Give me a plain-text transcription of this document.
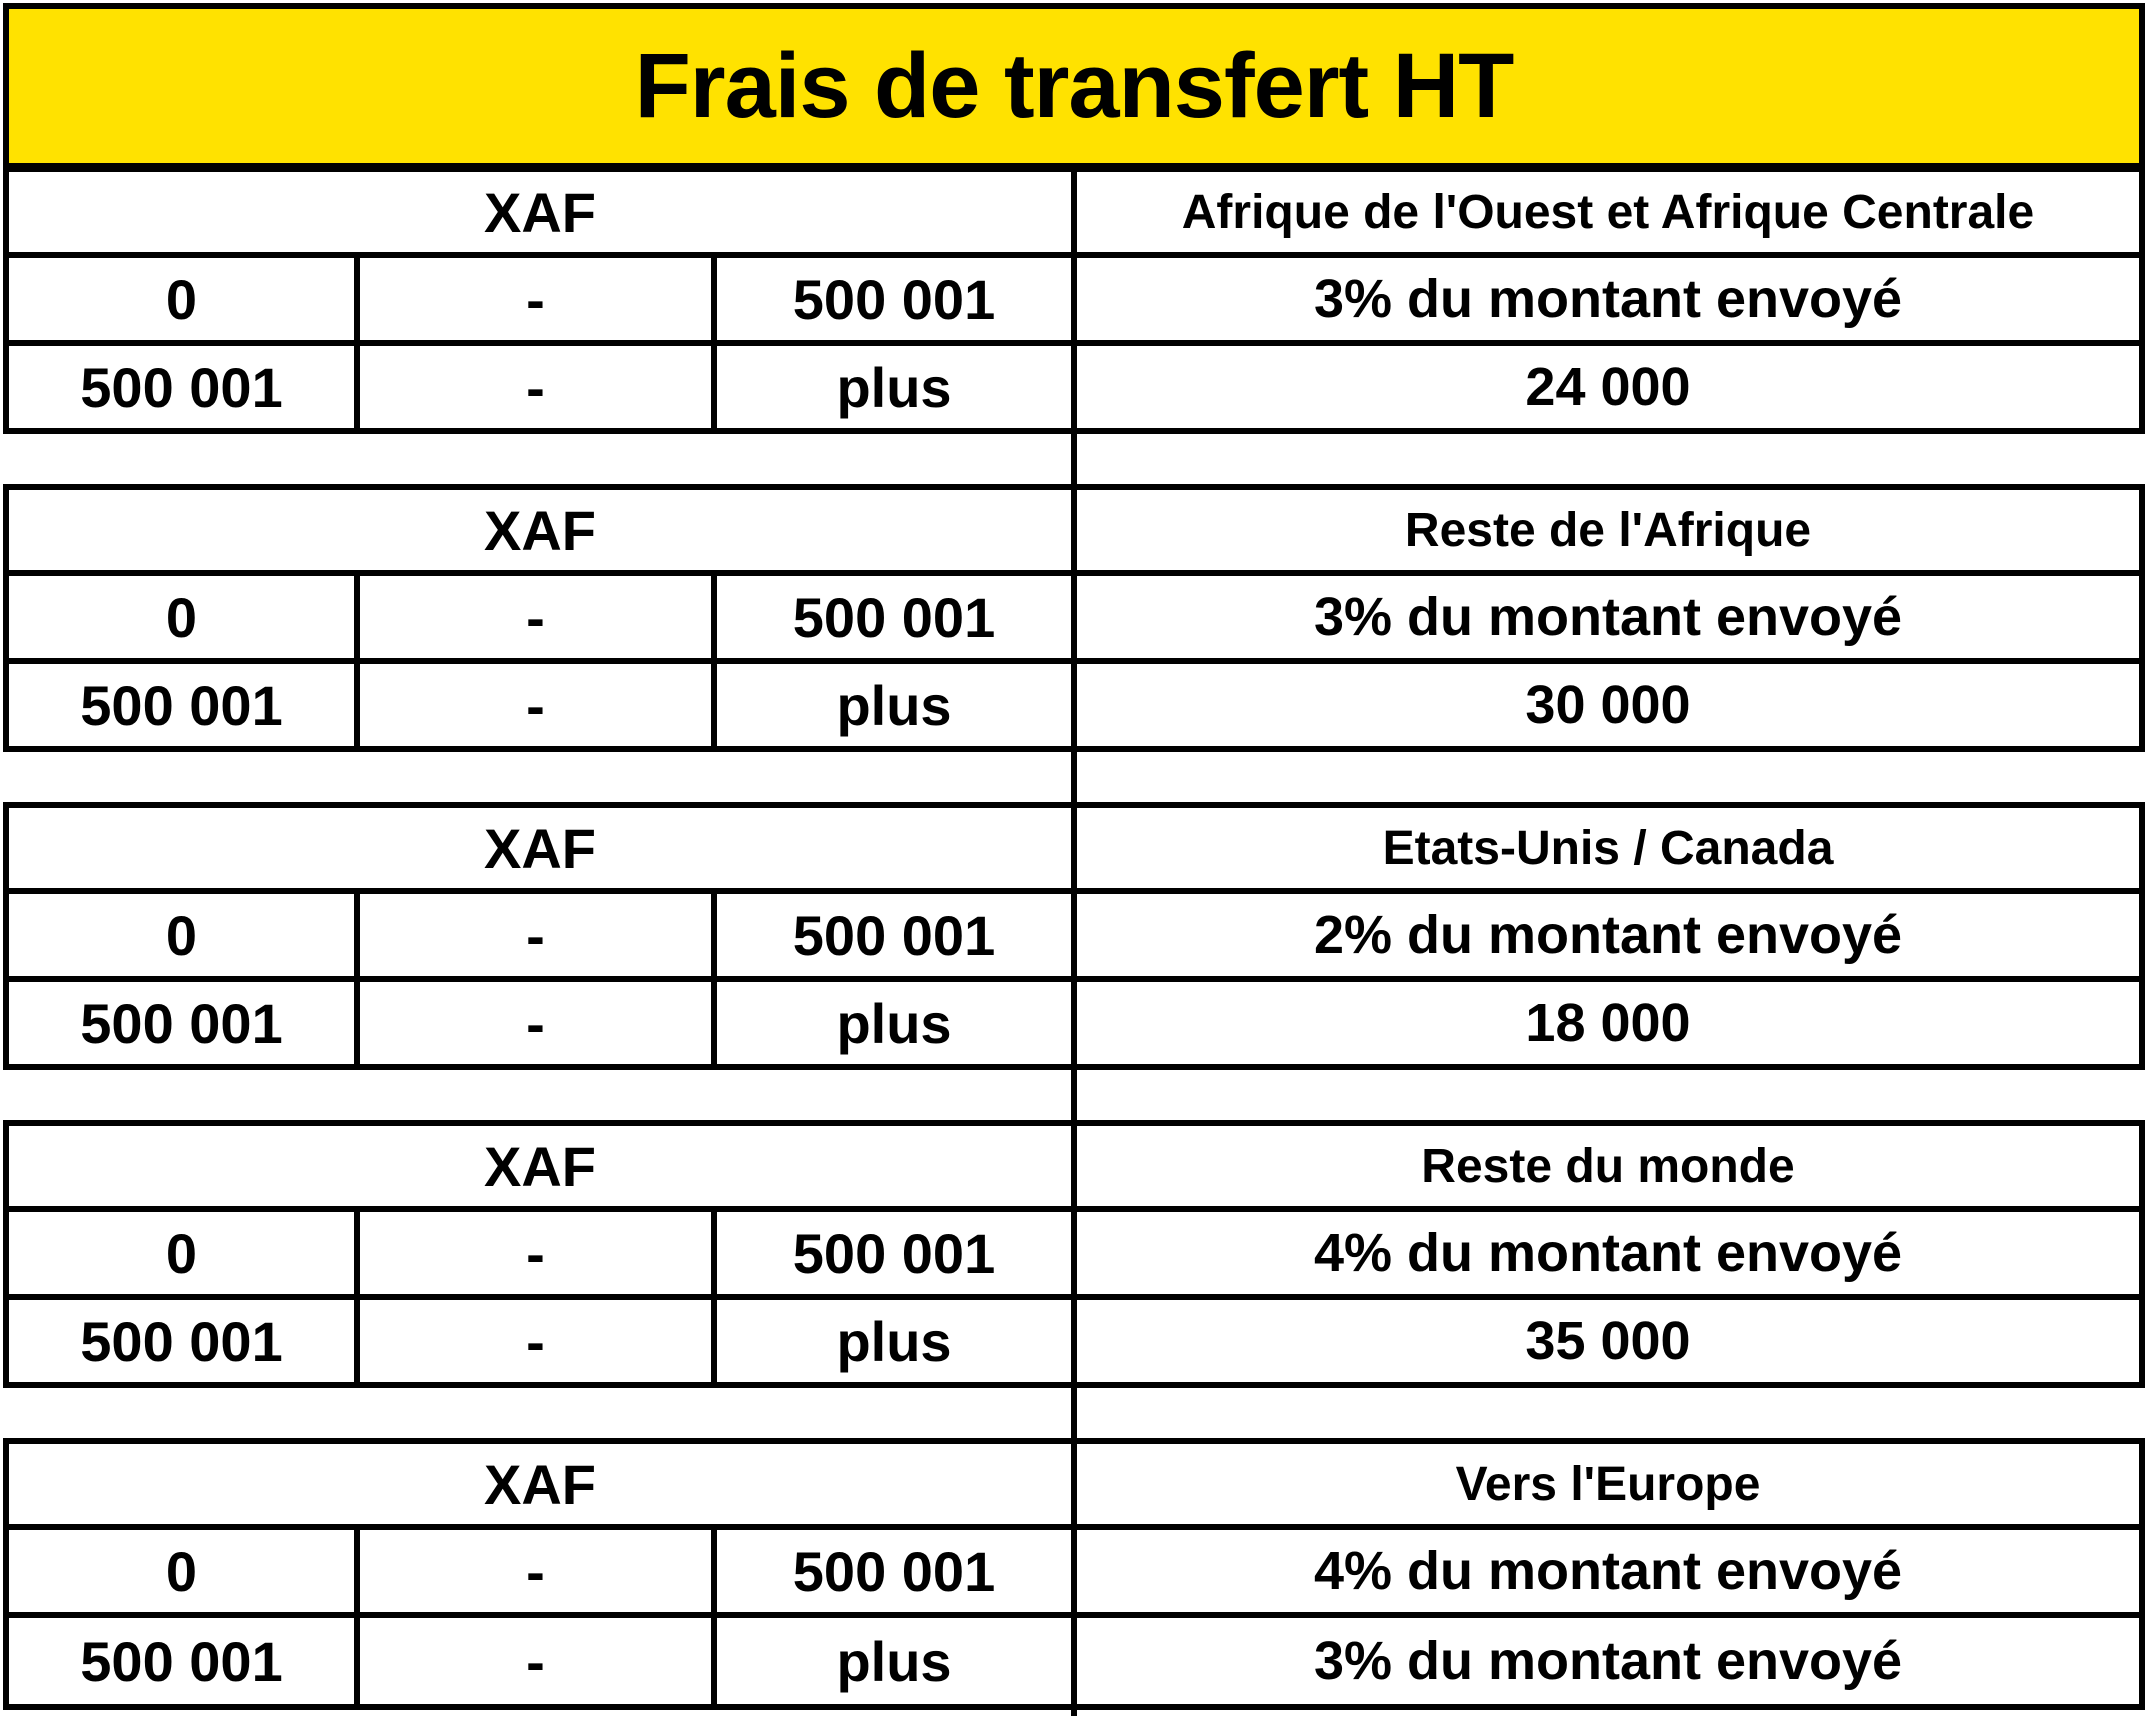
Frais de transfert HT
XAF	Afrique de l'Ouest et Afrique Centrale
0	-	500 001	3% du montant envoyé
500 001	-	plus	24 000
XAF	Reste de l'Afrique
0	-	500 001	3% du montant envoyé
500 001	-	plus	30 000
XAF	Etats-Unis / Canada
0	-	500 001	2% du montant envoyé
500 001	-	plus	18 000
XAF	Reste du monde
0	-	500 001	4% du montant envoyé
500 001	-	plus	35 000
XAF	Vers l'Europe
0	-	500 001	4% du montant envoyé
500 001	-	plus	3% du montant envoyé
